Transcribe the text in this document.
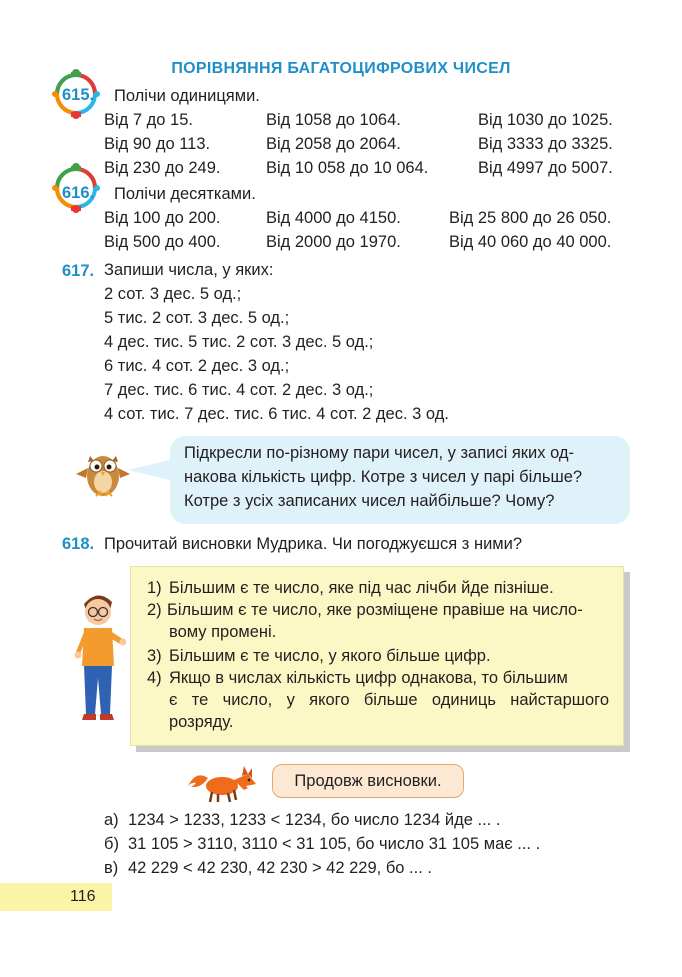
ПОРІВНЯННЯ БАГАТОЦИФРОВИХ ЧИСЕЛ
615. Полічи одиницями.
Від 7 до 15.
Від 90 до 113.
Від 230 до 249.
Від 1058 до 1064.
Від 2058 до 2064.
Від 10 058 до 10 064.
Від 1030 до 1025.
Від 3333 до 3325.
Від 4997 до 5007.
616. Полічи десятками.
Від 100 до 200.
Від 500 до 400.
Від 4000 до 4150.
Від 2000 до 1970.
Від 25 800 до 26 050.
Від 40 060 до 40 000.
617. Запиши числа, у яких:
2 сот. 3 дес. 5 од.;
5 тис. 2 сот. 3 дес. 5 од.;
4 дес. тис. 5 тис. 2 сот. 3 дес. 5 од.;
6 тис. 4 сот. 2 дес. 3 од.;
7 дес. тис. 6 тис. 4 сот. 2 дес. 3 од.;
4 сот. тис. 7 дес. тис. 6 тис. 4 сот. 2 дес. 3 од.
Підкресли по-різному пари чисел, у записі яких од-
накова кількість цифр. Котре з чисел у парі більше?
Котре з усіх записаних чисел найбільше? Чому?
618. Прочитай висновки Мудрика. Чи погоджуєшся з ними?
1) Більшим є те число, яке під час лічби йде пізніше.
2) Більшим є те число, яке розміщене правіше на числo-
вому промені.
3) Більшим є те число, у якого більше цифр.
4) Якщо в числах кількість цифр однакова, то більшим
є те число, у якого більше одиниць найстаршого
розряду.
Продовж висновки.
а) 1234 > 1233, 1233 < 1234, бо число 1234 йде ... .
б) 31 105 > 3110, 3110 < 31 105, бо число 31 105 має ... .
в) 42 229 < 42 230, 42 230 > 42 229, бо ... .
116
